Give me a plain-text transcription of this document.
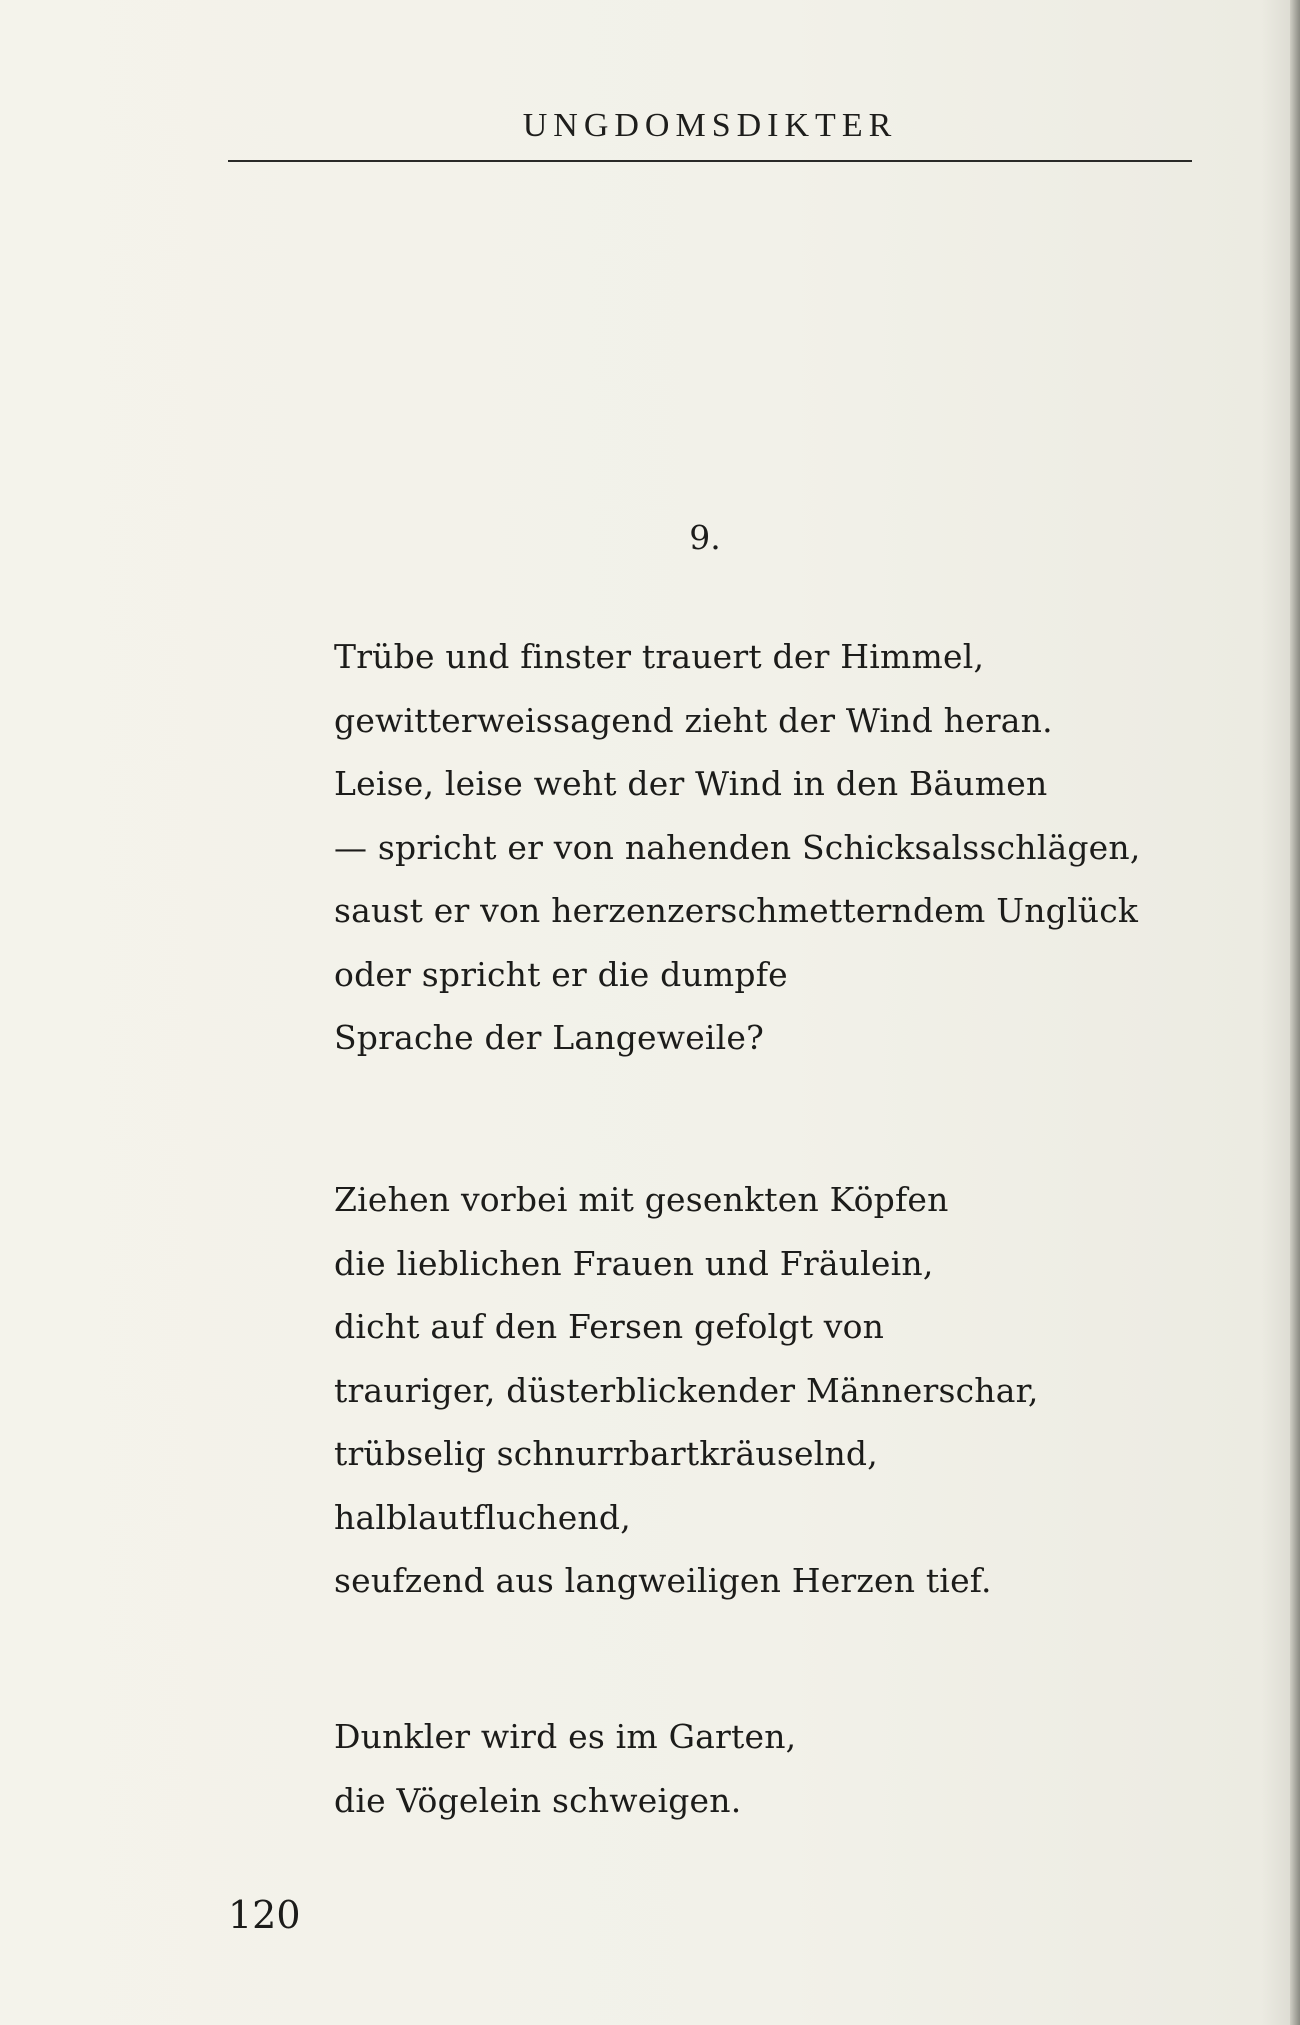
UNGDOMSDIKTER
9.
Trübe und finster trauert der Himmel,
gewitterweissagend zieht der Wind heran.
Leise, leise weht der Wind in den Bäumen
— spricht er von nahenden Schicksalsschlägen,
saust er von herzenzerschmetterndem Unglück
oder spricht er die dumpfe
Sprache der Langeweile?
Ziehen vorbei mit gesenkten Köpfen
die lieblichen Frauen und Fräulein,
dicht auf den Fersen gefolgt von
trauriger, düsterblickender Männerschar,
trübselig schnurrbartkräuselnd,
halblautfluchend,
seufzend aus langweiligen Herzen tief.
Dunkler wird es im Garten,
die Vögelein schweigen.
120
